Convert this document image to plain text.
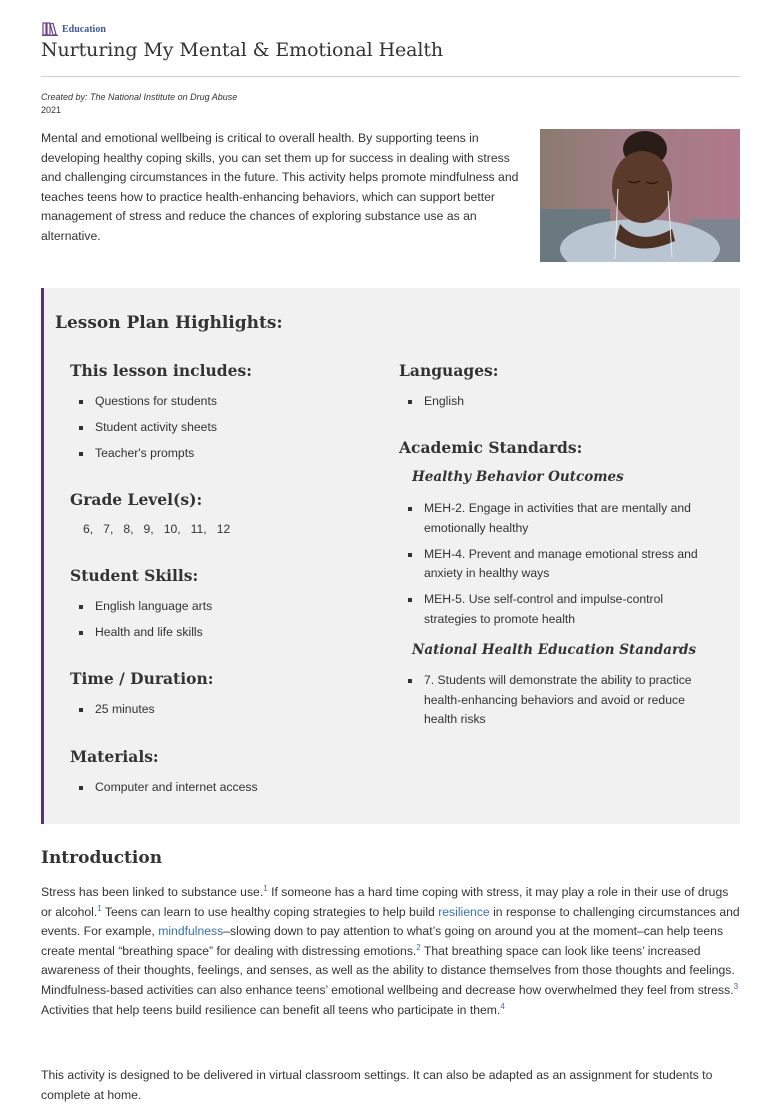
Education
Nurturing My Mental & Emotional Health
Created by: The National Institute on Drug Abuse
2021

Mental and emotional wellbeing is critical to overall health. By supporting teens in developing healthy coping skills, you can set them up for success in dealing with stress and challenging circumstances in the future. This activity helps promote mindfulness and teaches teens how to practice health-enhancing behaviors, which can support better management of stress and reduce the chances of exploring substance use as an alternative.

Lesson Plan Highlights:
This lesson includes:
Questions for students
Student activity sheets
Teacher's prompts
Grade Level(s):
6, 7, 8, 9, 10, 11, 12
Student Skills:
English language arts
Health and life skills
Time / Duration:
25 minutes
Materials:
Computer and internet access
Languages:
English
Academic Standards:
Healthy Behavior Outcomes
MEH-2. Engage in activities that are mentally and emotionally healthy
MEH-4. Prevent and manage emotional stress and anxiety in healthy ways
MEH-5. Use self-control and impulse-control strategies to promote health
National Health Education Standards
7. Students will demonstrate the ability to practice health-enhancing behaviors and avoid or reduce health risks
Introduction

Stress has been linked to substance use.$^1$ If someone has a hard time coping with stress, it may play a role in their use of drugs or alcohol.$^1$ Teens can learn to use healthy coping strategies to help build resilience in response to challenging circumstances and events. For example, mindfulness–slowing down to pay attention to what’s going on around you at the moment–can help teens create mental “breathing space” for dealing with distressing emotions.$^2$ That breathing space can look like teens’ increased awareness of their thoughts, feelings, and senses, as well as the ability to distance themselves from those thoughts and feelings. Mindfulness-based activities can also enhance teens’ emotional wellbeing and decrease how overwhelmed they feel from stress.$^3$ Activities that help teens build resilience can benefit all teens who participate in them.$^4$

This activity is designed to be delivered in virtual classroom settings. It can also be adapted as an assignment for students to complete at home.
